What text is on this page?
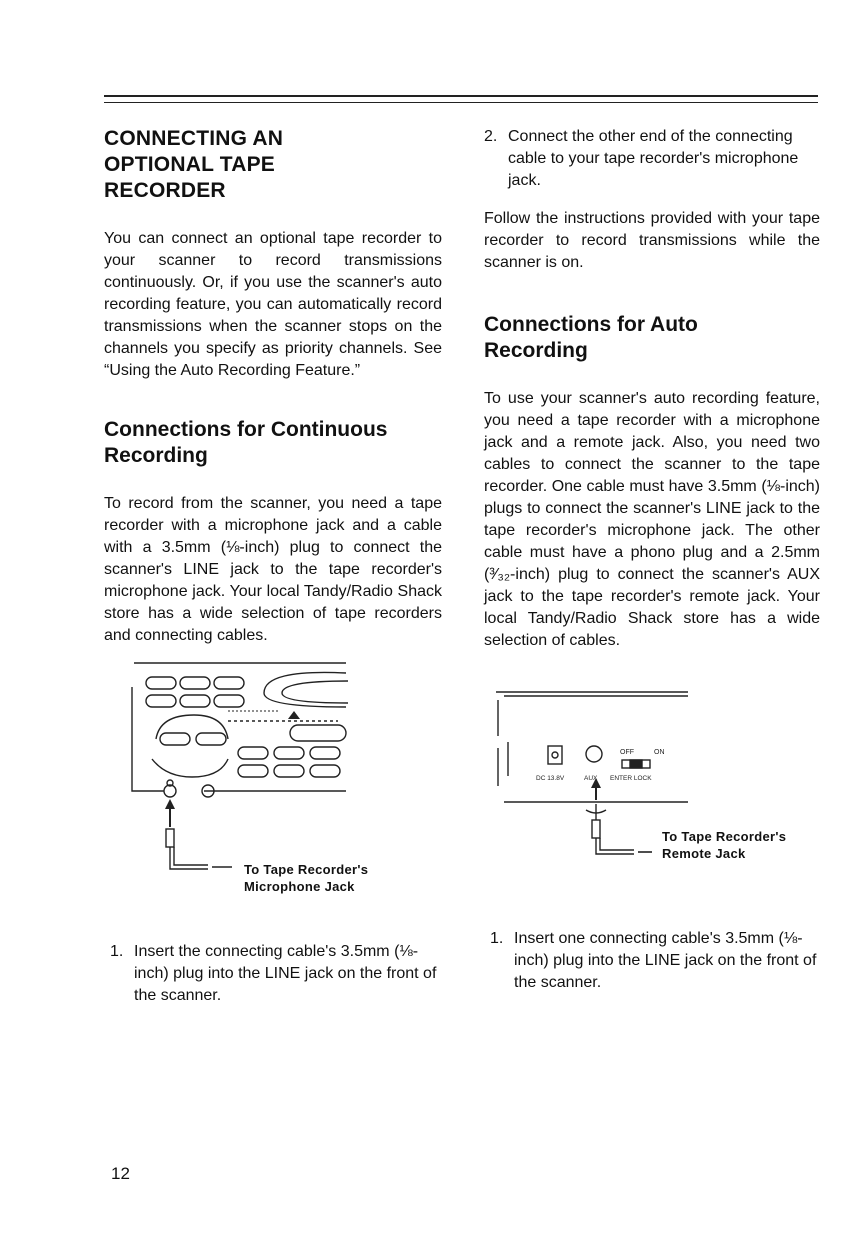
CONNECTING AN OPTIONAL TAPE RECORDER

You can connect an optional tape recorder to your scanner to record transmissions continuously. Or, if you use the scanner's auto recording feature, you can automatically record transmissions when the scanner stops on the channels you specify as priority channels. See “Using the Auto Recording Feature.”

Connections for Continuous Recording

To record from the scanner, you need a tape recorder with a microphone jack and a cable with a 3.5mm (⅛-inch) plug to connect the scanner's LINE jack to the tape recorder's microphone jack. Your local Tandy/Radio Shack store has a wide selection of tape recorders and connecting cables.

To Tape Recorder's
Microphone Jack
1. Insert the connecting cable's 3.5mm (⅛-inch) plug into the LINE jack on the front of the scanner.
2. Connect the other end of the connecting cable to your tape recorder's microphone jack.

Follow the instructions provided with your tape recorder to record transmissions while the scanner is on.

Connections for Auto Recording

To use your scanner's auto recording feature, you need a tape recorder with a microphone jack and a remote jack. Also, you need two cables to connect the scanner to the tape recorder. One cable must have 3.5mm (⅛-inch) plugs to connect the scanner's LINE jack to the tape recorder's microphone jack. The other cable must have a phono plug and a 2.5mm (³⁄₃₂-inch) plug to connect the scanner's AUX jack to the tape recorder's remote jack. Your local Tandy/Radio Shack store has a wide selection of cables.

OFF	ON
DC 13.8V	AUX ENTER LOCK
To Tape Recorder's
Remote Jack
1. Insert one connecting cable's 3.5mm (⅛-inch) plug into the LINE jack on the front of the scanner.
12
